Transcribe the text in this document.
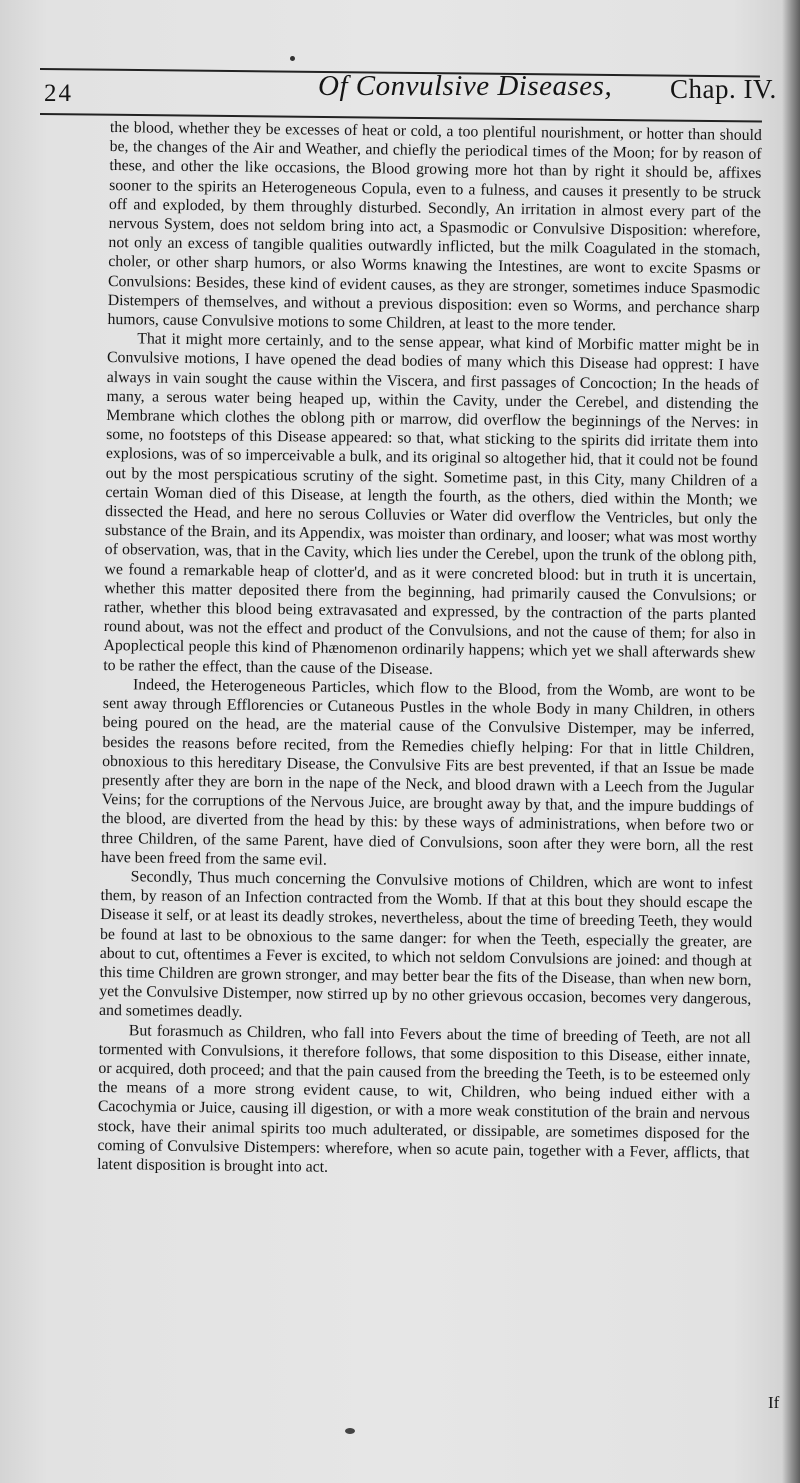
24	Of Convulsive Diseases, Chap. IV.

the blood, whether they be excesses of heat or cold, a too plentiful nourishment, or hotter than should be, the changes of the Air and Weather, and chiefly the periodical times of the Moon; for by reason of these, and other the like occasions, the Blood growing more hot than by right it should be, affixes sooner to the spirits an Heterogeneous Copula, even to a fulness, and causes it presently to be struck off and exploded, by them throughly disturbed. Secondly, An irritation in almost every part of the nervous System, does not seldom bring into act, a Spasmodic or Convulsive Disposition: wherefore, not only an excess of tangible qualities outwardly inflicted, but the milk Coagulated in the stomach, choler, or other sharp humors, or also Worms knawing the Intestines, are wont to excite Spasms or Convulsions: Besides, these kind of evident causes, as they are stronger, sometimes induce Spasmodic Distempers of themselves, and without a previous disposition: even so Worms, and perchance sharp humors, cause Convulsive motions to some Children, at least to the more tender.

That it might more certainly, and to the sense appear, what kind of Morbific matter might be in Convulsive motions, I have opened the dead bodies of many which this Disease had opprest: I have always in vain sought the cause within the Viscera, and first passages of Concoction; In the heads of many, a serous water being heaped up, within the Cavity, under the Cerebel, and distending the Membrane which clothes the oblong pith or marrow, did overflow the beginnings of the Nerves: in some, no footsteps of this Disease appeared: so that, what sticking to the spirits did irritate them into explosions, was of so imperceivable a bulk, and its original so altogether hid, that it could not be found out by the most perspicatious scrutiny of the sight. Sometime past, in this City, many Children of a certain Woman died of this Disease, at length the fourth, as the others, died within the Month; we dissected the Head, and here no serous Colluvies or Water did overflow the Ventricles, but only the substance of the Brain, and its Appendix, was moister than ordinary, and looser; what was most worthy of observation, was, that in the Cavity, which lies under the Cerebel, upon the trunk of the oblong pith, we found a remarkable heap of clotter'd, and as it were concreted blood: but in truth it is uncertain, whether this matter deposited there from the beginning, had primarily caused the Convulsions; or rather, whether this blood being extravasated and expressed, by the contraction of the parts planted round about, was not the effect and product of the Convulsions, and not the cause of them; for also in Apoplectical people this kind of Phænomenon ordinarily happens; which yet we shall afterwards shew to be rather the effect, than the cause of the Disease.

Indeed, the Heterogeneous Particles, which flow to the Blood, from the Womb, are wont to be sent away through Efflorencies or Cutaneous Pustles in the whole Body in many Children, in others being poured on the head, are the material cause of the Convulsive Distemper, may be inferred, besides the reasons before recited, from the Remedies chiefly helping: For that in little Children, obnoxious to this hereditary Disease, the Convulsive Fits are best prevented, if that an Issue be made presently after they are born in the nape of the Neck, and blood drawn with a Leech from the Jugular Veins; for the corruptions of the Nervous Juice, are brought away by that, and the impure buddings of the blood, are diverted from the head by this: by these ways of administrations, when before two or three Children, of the same Parent, have died of Convulsions, soon after they were born, all the rest have been freed from the same evil.

Secondly, Thus much concerning the Convulsive motions of Children, which are wont to infest them, by reason of an Infection contracted from the Womb. If that at this bout they should escape the Disease it self, or at least its deadly strokes, nevertheless, about the time of breeding Teeth, they would be found at last to be obnoxious to the same danger: for when the Teeth, especially the greater, are about to cut, oftentimes a Fever is excited, to which not seldom Convulsions are joined: and though at this time Children are grown stronger, and may better bear the fits of the Disease, than when new born, yet the Convulsive Distemper, now stirred up by no other grievous occasion, becomes very dangerous, and sometimes deadly.

But forasmuch as Children, who fall into Fevers about the time of breeding of Teeth, are not all tormented with Convulsions, it therefore follows, that some disposition to this Disease, either innate, or acquired, doth proceed; and that the pain caused from the breeding the Teeth, is to be esteemed only the means of a more strong evident cause, to wit, Children, who being indued either with a Cacochymia or Juice, causing ill digestion, or with a more weak constitution of the brain and nervous stock, have their animal spirits too much adulterated, or dissipable, are sometimes disposed for the coming of Convulsive Distempers: wherefore, when so acute pain, together with a Fever, afflicts, that latent disposition is brought into act.

If
